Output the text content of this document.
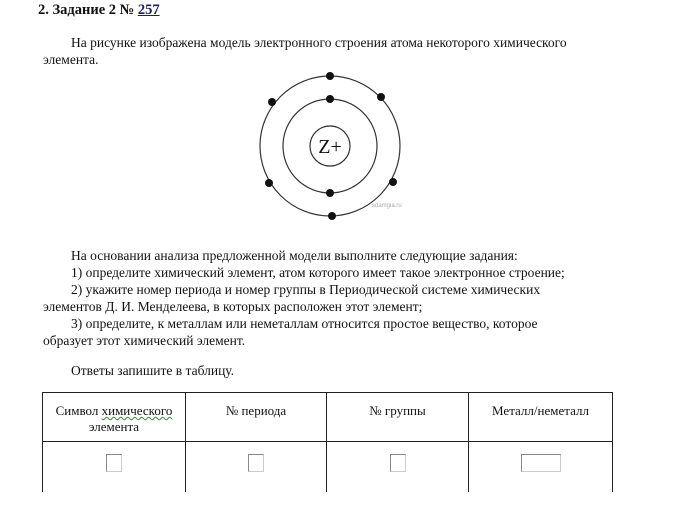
2. Задание 2 № 257
На рисунке изображена модель электронного строения атома некоторого химического
элемента.
Z+
sdamgia.ru
На основании анализа предложенной модели выполните следующие задания:
1) определите химический элемент, атом которого имеет такое электронное строение;
2) укажите номер периода и номер группы в Периодической системе химических
элементов Д. И. Менделеева, в которых расположен этот элемент;
3) определите, к металлам или неметаллам относится простое вещество, которое
образует этот химический элемент.
Ответы запишите в таблицу.
Символ химического
элемента	№ периода	№ группы	Металл/неметалл
